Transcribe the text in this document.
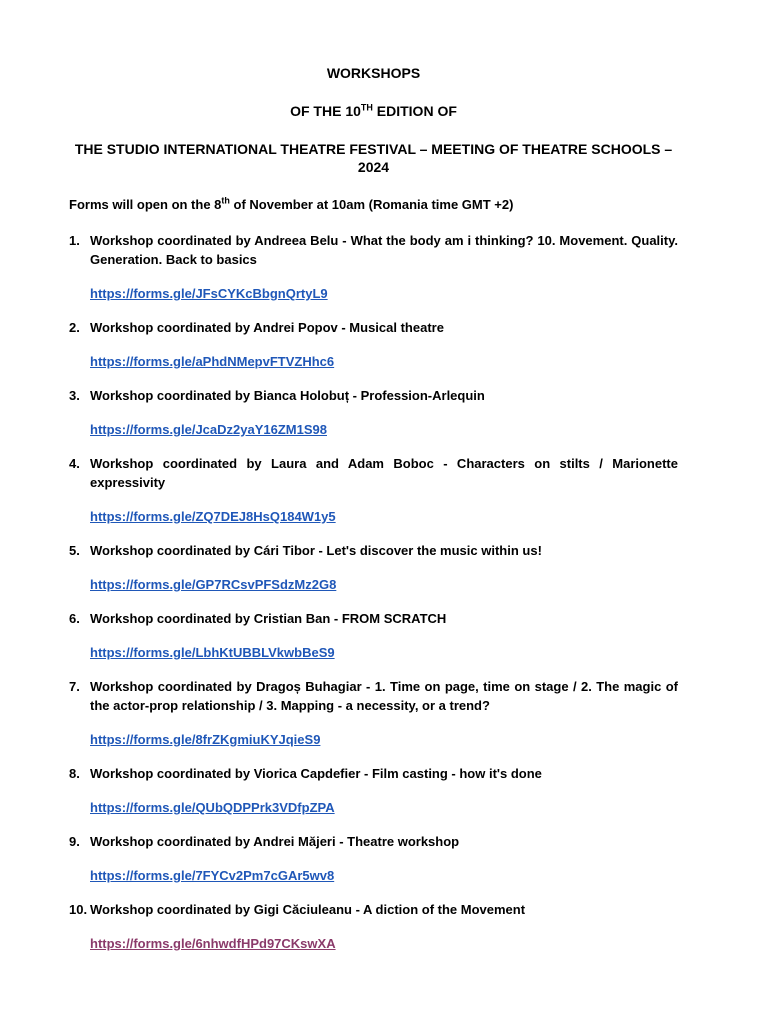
WORKSHOPS

OF THE 10TH EDITION OF

THE STUDIO INTERNATIONAL THEATRE FESTIVAL – MEETING OF THEATRE SCHOOLS – 2024

Forms will open on the 8th of November at 10am (Romania time GMT +2)
1. Workshop coordinated by Andreea Belu - What the body am i thinking? 10. Movement. Quality. Generation. Back to basics
https://forms.gle/JFsCYKcBbgnQrtyL9
2. Workshop coordinated by Andrei Popov - Musical theatre
https://forms.gle/aPhdNMepvFTVZHhc6
3. Workshop coordinated by Bianca Holobuț - Profession-Arlequin
https://forms.gle/JcaDz2yaY16ZM1S98
4. Workshop coordinated by Laura and Adam Boboc - Characters on stilts / Marionette expressivity
https://forms.gle/ZQ7DEJ8HsQ184W1y5
5. Workshop coordinated by Cári Tibor - Let's discover the music within us!
https://forms.gle/GP7RCsvPFSdzMz2G8
6. Workshop coordinated by Cristian Ban - FROM SCRATCH
https://forms.gle/LbhKtUBBLVkwbBeS9
7. Workshop coordinated by Dragoș Buhagiar - 1. Time on page, time on stage / 2. The magic of the actor-prop relationship / 3. Mapping - a necessity, or a trend?
https://forms.gle/8frZKgmiuKYJqieS9
8. Workshop coordinated by Viorica Capdefier - Film casting - how it's done
https://forms.gle/QUbQDPPrk3VDfpZPA
9. Workshop coordinated by Andrei Măjeri - Theatre workshop
https://forms.gle/7FYCv2Pm7cGAr5wv8
10. Workshop coordinated by Gigi Căciuleanu - A diction of the Movement
https://forms.gle/6nhwdfHPd97CKswXA
